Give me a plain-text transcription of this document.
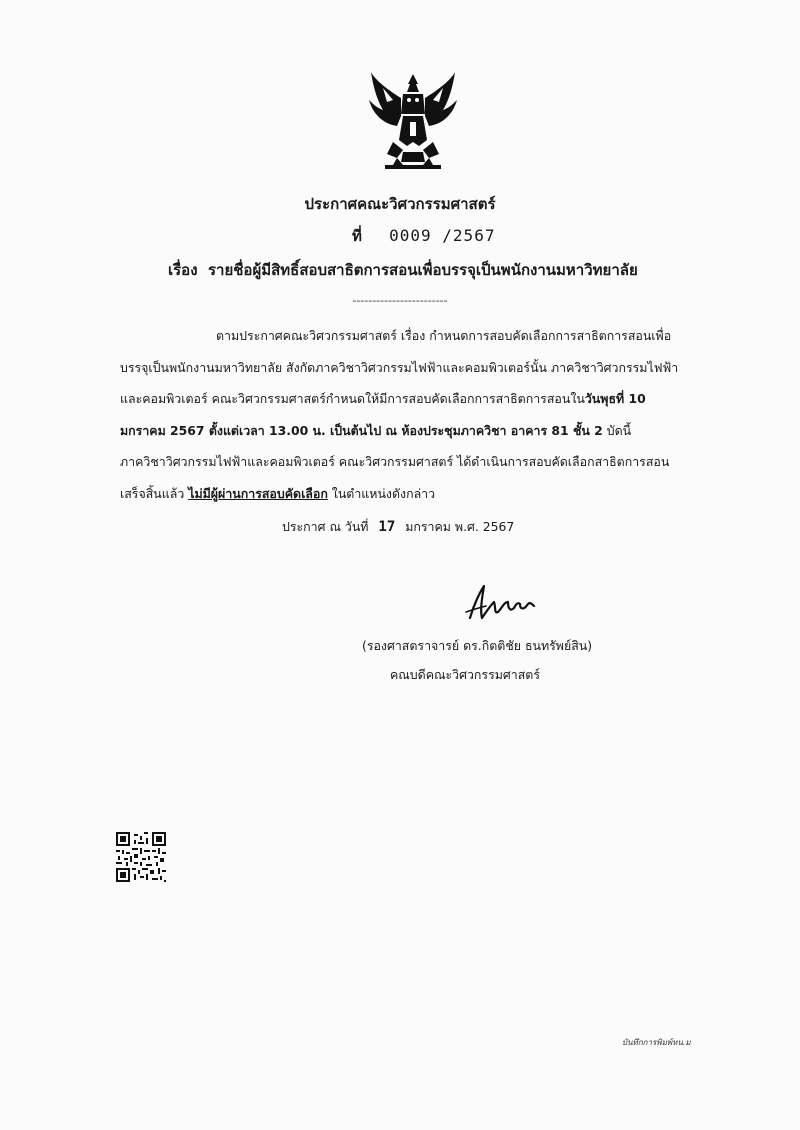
ประกาศคณะวิศวกรรมศาสตร์
ที่ 0009 /2567
เรื่อง รายชื่อผู้มีสิทธิ์สอบสาธิตการสอนเพื่อบรรจุเป็นพนักงานมหาวิทยาลัย
------------------------

ตามประกาศคณะวิศวกรรมศาสตร์ เรื่อง กำหนดการสอบคัดเลือกการสาธิตการสอนเพื่อ

บรรจุเป็นพนักงานมหาวิทยาลัย สังกัดภาควิชาวิศวกรรมไฟฟ้าและคอมพิวเตอร์นั้น ภาควิชาวิศวกรรมไฟฟ้า

และคอมพิวเตอร์ คณะวิศวกรรมศาสตร์กำหนดให้มีการสอบคัดเลือกการสาธิตการสอนในวันพุธที่ 10

มกราคม 2567 ตั้งแต่เวลา 13.00 น. เป็นต้นไป ณ ห้องประชุมภาควิชา อาคาร 81 ชั้น 2 บัดนี้

ภาควิชาวิศวกรรมไฟฟ้าและคอมพิวเตอร์ คณะวิศวกรรมศาสตร์ ได้ดำเนินการสอบคัดเลือกสาธิตการสอน

เสร็จสิ้นแล้ว ไม่มีผู้ผ่านการสอบคัดเลือก ในตำแหน่งดังกล่าว

ประกาศ ณ วันที่ 17 มกราคม พ.ศ. 2567
(รองศาสตราจารย์ ดร.กิตติชัย ธนทรัพย์สิน)
คณบดีคณะวิศวกรรมศาสตร์
บันทึกการพิมพ์หน.ม
